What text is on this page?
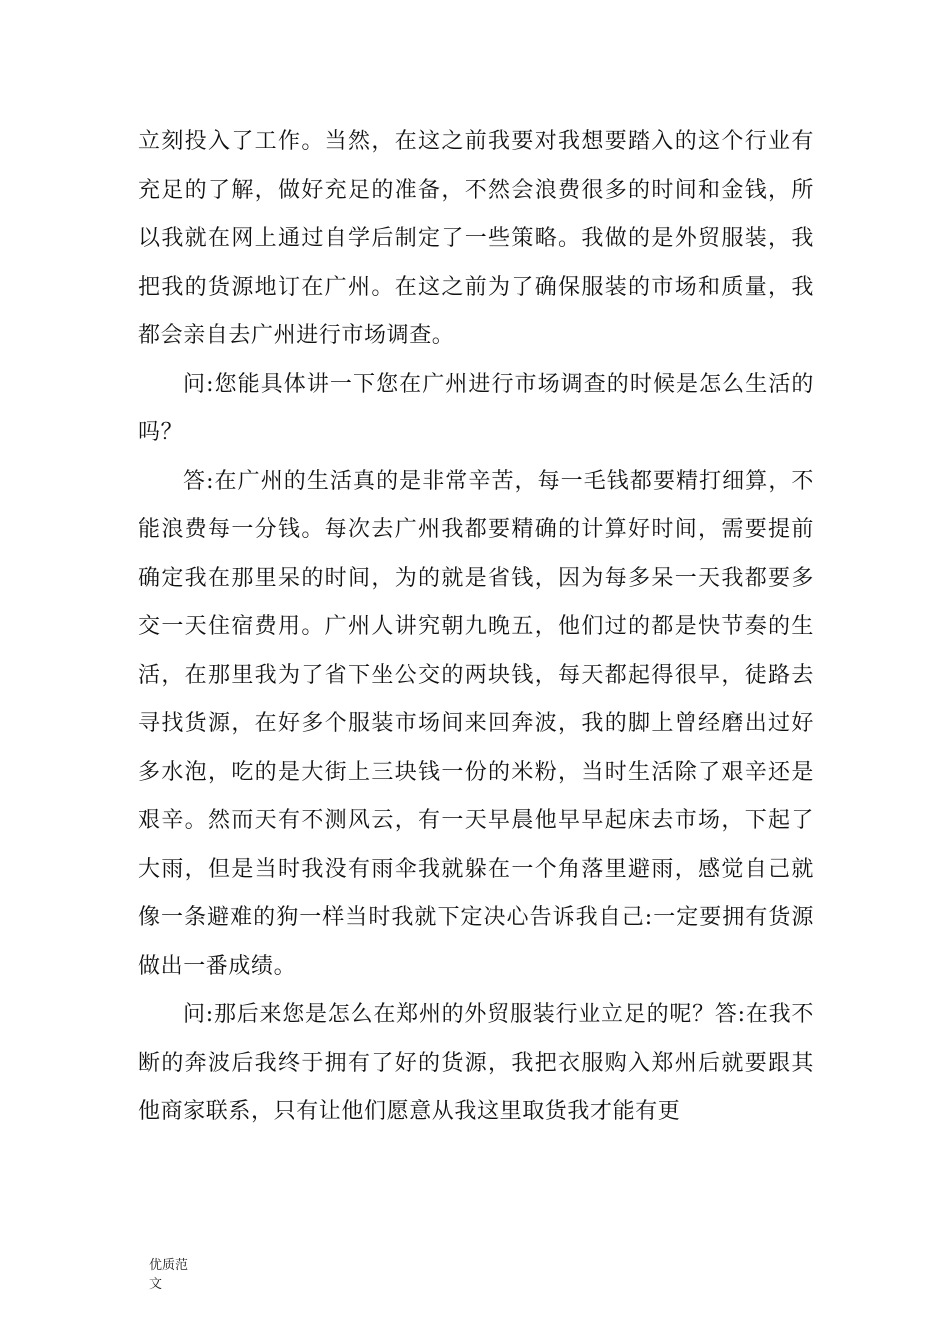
立刻投入了工作。当然，在这之前我要对我想要踏入的这个行业有充足的了解，做好充足的准备，不然会浪费很多的时间和金钱，所以我就在网上通过自学后制定了一些策略。我做的是外贸服装，我把我的货源地订在广州。在这之前为了确保服装的市场和质量，我都会亲自去广州进行市场调查。

问:您能具体讲一下您在广州进行市场调查的时候是怎么生活的吗？

答:在广州的生活真的是非常辛苦，每一毛钱都要精打细算，不能浪费每一分钱。每次去广州我都要精确的计算好时间，需要提前确定我在那里呆的时间，为的就是省钱，因为每多呆一天我都要多交一天住宿费用。广州人讲究朝九晚五，他们过的都是快节奏的生活，在那里我为了省下坐公交的两块钱，每天都起得很早，徒路去寻找货源，在好多个服装市场间来回奔波，我的脚上曾经磨出过好多水泡，吃的是大街上三块钱一份的米粉，当时生活除了艰辛还是艰辛。然而天有不测风云，有一天早晨他早早起床去市场，下起了大雨，但是当时我没有雨伞我就躲在一个角落里避雨，感觉自己就像一条避难的狗一样当时我就下定决心告诉我自己:一定要拥有货源做出一番成绩。

问:那后来您是怎么在郑州的外贸服装行业立足的呢？答:在我不断的奔波后我终于拥有了好的货源，我把衣服购入郑州后就要跟其他商家联系，只有让他们愿意从我这里取货我才能有更

优质范文
